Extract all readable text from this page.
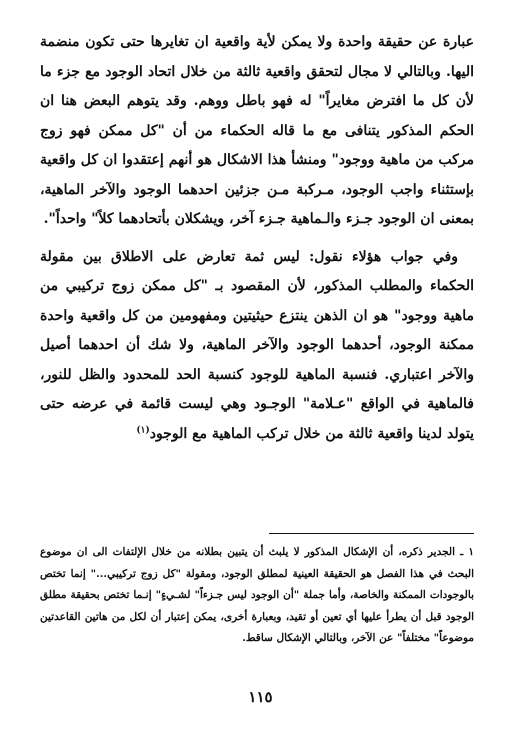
عبارة عن حقيقة واحدة ولا يمكن لأية واقعية ان تغايرها حتى تكون منضمة اليها. وبالتالي لا مجال لتحقق واقعية ثالثة من خلال اتحاد الوجود مع جزء ما لأن كل ما افترض مغايراً" له فهو باطل ووهم. وقد يتوهم البعض هنا ان الحكم المذكور يتنافى مع ما قاله الحكماء من أن "كل ممكن فهو زوج مركب من ماهية ووجود" ومنشأ هذا الاشكال هو أنهم إعتقدوا ان كل واقعية بإستثناء واجب الوجود، مـركبة مـن جزئين احدهما الوجود والآخر الماهية، بمعنى ان الوجود جـزء والـماهية جـزء آخر، ويشكلان بأتحادهما كلاً" واحداً".

وفي جواب هؤلاء نقول: ليس ثمة تعارض على الاطلاق بين مقولة الحكماء والمطلب المذكور، لأن المقصود بـ "كل ممكن زوج تركيبي من ماهية ووجود" هو ان الذهن ينتزع حيثيتين ومفهومين من كل واقعية واحدة ممكنة الوجود، أحدهما الوجود والآخر الماهية، ولا شك أن احدهما أصيل والآخر اعتباري. فنسبة الماهية للوجود كنسبة الحد للمحدود والظل للنور، فالماهية في الواقع "عـلامة" الوجـود وهي ليست قائمة في عرضه حتى يتولد لدينا واقعية ثالثة من خلال تركب الماهية مع الوجود$^{(١)}$

١ ـ الجدير ذكره، أن الإشكال المذكور لا يلبث أن يتبين بطلانه من خلال الإلتفات الى ان موضوع البحث في هذا الفصل هو الحقيقة العينية لمطلق الوجود، ومقولة "كل زوج تركيبي..." إنما تختص بالوجودات الممكنة والخاصة، وأما جملة "أن الوجود ليس جـزءاً" لشـيءٍ" إنـما تختص بحقيقة مطلق الوجود قبل أن يطرأ عليها أي تعين أو تقيد، وبعبارة أخرى، يمكن إعتبار أن لكل من هاتين القاعدتين موضوعاً" مختلفاً" عن الآخر، وبالتالي الإشكال ساقط.

١١٥
